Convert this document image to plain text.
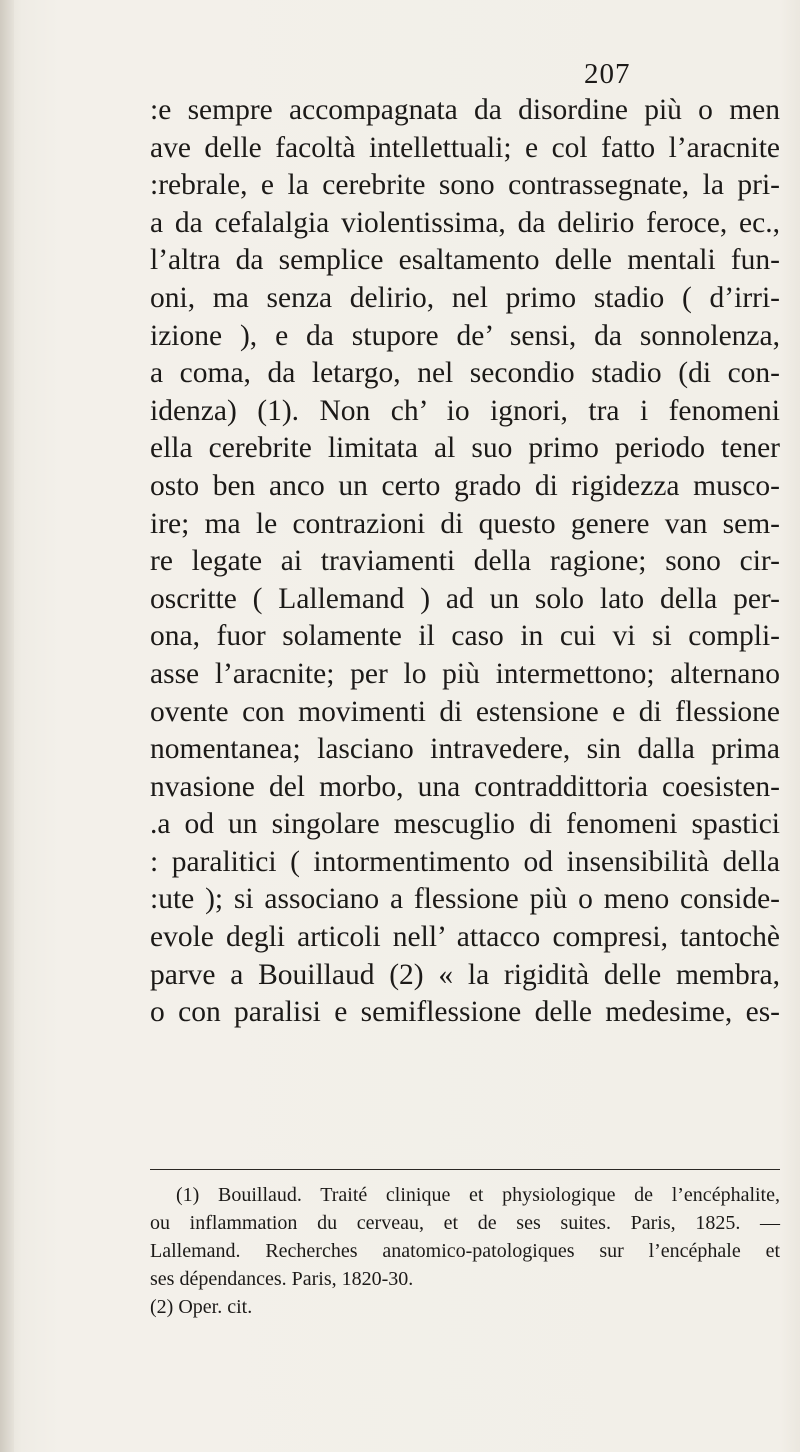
207
:e sempre accompagnata da disordine più o men
ave delle facoltà intellettuali; e col fatto l’aracnite
:rebrale, e la cerebrite sono contrassegnate, la pri-
a da cefalalgia violentissima, da delirio feroce, ec.,
l’altra da semplice esaltamento delle mentali fun-
oni, ma senza delirio, nel primo stadio ( d’irri-
izione ), e da stupore de’ sensi, da sonnolenza,
a coma, da letargo, nel secondio stadio (di con-
idenza) (1). Non ch’ io ignori, tra i fenomeni
ella cerebrite limitata al suo primo periodo tener
osto ben anco un certo grado di rigidezza musco-
ire; ma le contrazioni di questo genere van sem-
re legate ai traviamenti della ragione; sono cir-
oscritte ( Lallemand ) ad un solo lato della per-
ona, fuor solamente il caso in cui vi si compli-
asse l’aracnite; per lo più intermettono; alternano
ovente con movimenti di estensione e di flessione
nomentanea; lasciano intravedere, sin dalla prima
nvasione del morbo, una contraddittoria coesisten-
.a od un singolare mescuglio di fenomeni spastici
: paralitici ( intormentimento od insensibilità della
:ute ); si associano a flessione più o meno conside-
evole degli articoli nell’ attacco compresi, tantochè
parve a Bouillaud (2) « la rigidità delle membra,
o con paralisi e semiflessione delle medesime, es-
(1) Bouillaud. Traité clinique et physiologique de l’encéphalite,
ou inflammation du cerveau, et de ses suites. Paris, 1825. —
Lallemand. Recherches anatomico-patologiques sur l’encéphale et
ses dépendances. Paris, 1820-30.
(2) Oper. cit.
